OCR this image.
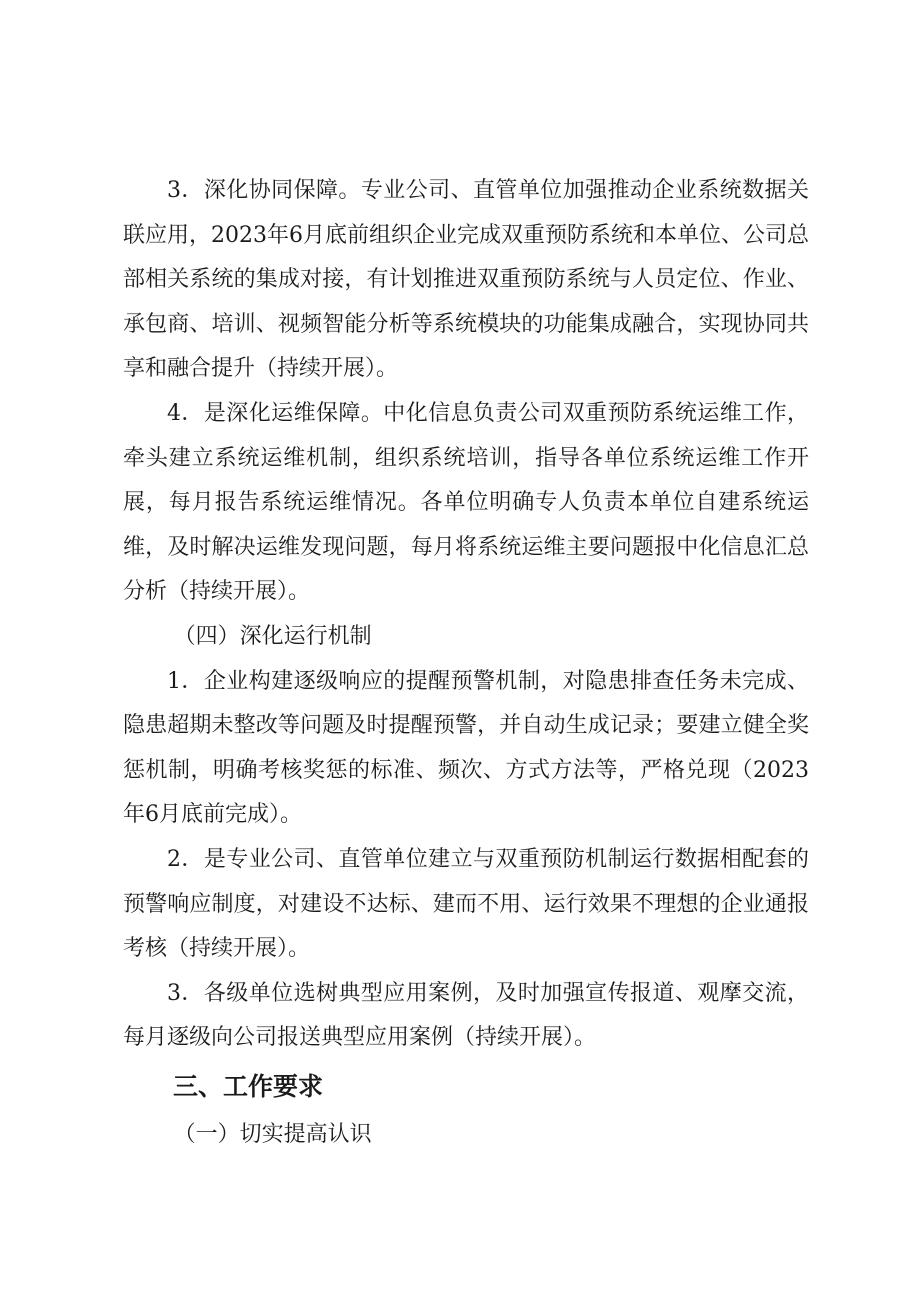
3．深化协同保障。专业公司、直管单位加强推动企业系统数据关联应用，2023年6月底前组织企业完成双重预防系统和本单位、公司总部相关系统的集成对接，有计划推进双重预防系统与人员定位、作业、承包商、培训、视频智能分析等系统模块的功能集成融合，实现协同共享和融合提升（持续开展）。

4．是深化运维保障。中化信息负责公司双重预防系统运维工作，牵头建立系统运维机制，组织系统培训，指导各单位系统运维工作开展，每月报告系统运维情况。各单位明确专人负责本单位自建系统运维，及时解决运维发现问题，每月将系统运维主要问题报中化信息汇总分析（持续开展）。

（四）深化运行机制

1．企业构建逐级响应的提醒预警机制，对隐患排查任务未完成、隐患超期未整改等问题及时提醒预警，并自动生成记录；要建立健全奖惩机制，明确考核奖惩的标准、频次、方式方法等，严格兑现（2023年6月底前完成）。

2．是专业公司、直管单位建立与双重预防机制运行数据相配套的预警响应制度，对建设不达标、建而不用、运行效果不理想的企业通报考核（持续开展）。

3．各级单位选树典型应用案例，及时加强宣传报道、观摩交流，每月逐级向公司报送典型应用案例（持续开展）。

三、工作要求

（一）切实提高认识
